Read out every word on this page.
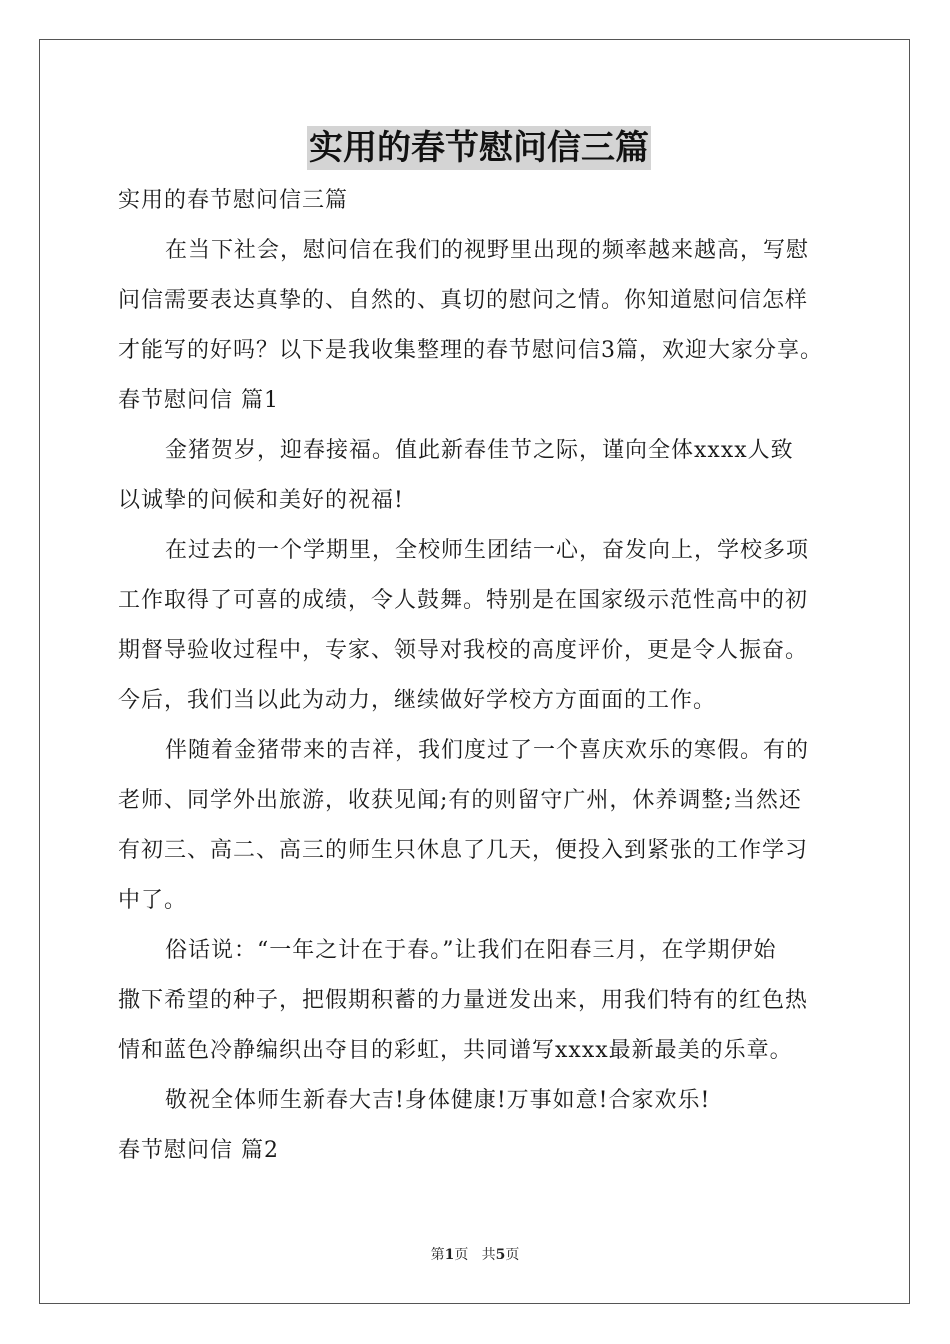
实用的春节慰问信三篇
实用的春节慰问信三篇
在当下社会，慰问信在我们的视野里出现的频率越来越高，写慰
问信需要表达真挚的、自然的、真切的慰问之情。你知道慰问信怎样
才能写的好吗？以下是我收集整理的春节慰问信3篇，欢迎大家分享。
春节慰问信 篇1
金猪贺岁，迎春接福。值此新春佳节之际，谨向全体xxxx人致
以诚挚的问候和美好的祝福!
在过去的一个学期里，全校师生团结一心，奋发向上，学校多项
工作取得了可喜的成绩，令人鼓舞。特别是在国家级示范性高中的初
期督导验收过程中，专家、领导对我校的高度评价，更是令人振奋。
今后，我们当以此为动力，继续做好学校方方面面的工作。
伴随着金猪带来的吉祥，我们度过了一个喜庆欢乐的寒假。有的
老师、同学外出旅游，收获见闻;有的则留守广州，休养调整;当然还
有初三、高二、高三的师生只休息了几天，便投入到紧张的工作学习
中了。
俗话说：“一年之计在于春。”让我们在阳春三月，在学期伊始
撒下希望的种子，把假期积蓄的力量迸发出来，用我们特有的红色热
情和蓝色冷静编织出夺目的彩虹，共同谱写xxxx最新最美的乐章。
敬祝全体师生新春大吉!身体健康!万事如意!合家欢乐!
春节慰问信 篇2
第1页 共5页
